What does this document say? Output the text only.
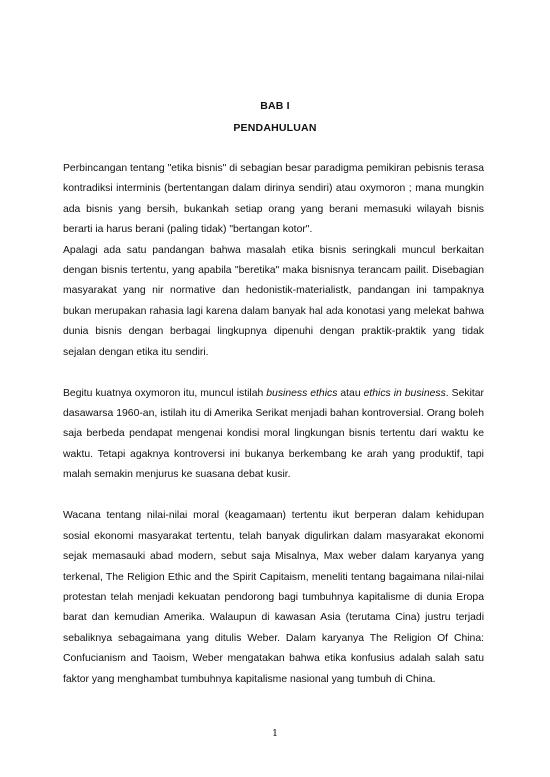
BAB I
PENDAHULUAN

Perbincangan tentang "etika bisnis" di sebagian besar paradigma pemikiran pebisnis terasa kontradiksi interminis (bertentangan dalam dirinya sendiri) atau oxymoron ; mana mungkin ada bisnis yang bersih, bukankah setiap orang yang berani memasuki wilayah bisnis berarti ia harus berani (paling tidak) "bertangan kotor".

Apalagi ada satu pandangan bahwa masalah etika bisnis seringkali muncul berkaitan dengan bisnis tertentu, yang apabila "beretika" maka bisnisnya terancam pailit. Disebagian masyarakat yang nir normative dan hedonistik-materialistk, pandangan ini tampaknya bukan merupakan rahasia lagi karena dalam banyak hal ada konotasi yang melekat bahwa dunia bisnis dengan berbagai lingkupnya dipenuhi dengan praktik-praktik yang tidak sejalan dengan etika itu sendiri.

Begitu kuatnya oxymoron itu, muncul istilah business ethics atau ethics in business. Sekitar dasawarsa 1960-an, istilah itu di Amerika Serikat menjadi bahan kontroversial. Orang boleh saja berbeda pendapat mengenai kondisi moral lingkungan bisnis tertentu dari waktu ke waktu. Tetapi agaknya kontroversi ini bukanya berkembang ke arah yang produktif, tapi malah semakin menjurus ke suasana debat kusir.

Wacana tentang nilai-nilai moral (keagamaan) tertentu ikut berperan dalam kehidupan sosial ekonomi masyarakat tertentu, telah banyak digulirkan dalam masyarakat ekonomi sejak memasauki abad modern, sebut saja Misalnya, Max weber dalam karyanya yang terkenal, The Religion Ethic and the Spirit Capitaism, meneliti tentang bagaimana nilai-nilai protestan telah menjadi kekuatan pendorong bagi tumbuhnya kapitalisme di dunia Eropa barat dan kemudian Amerika. Walaupun di kawasan Asia (terutama Cina) justru terjadi sebaliknya sebagaimana yang ditulis Weber. Dalam karyanya The Religion Of China: Confucianism and Taoism, Weber mengatakan bahwa etika konfusius adalah salah satu faktor yang menghambat tumbuhnya kapitalisme nasional yang tumbuh di China.

1
